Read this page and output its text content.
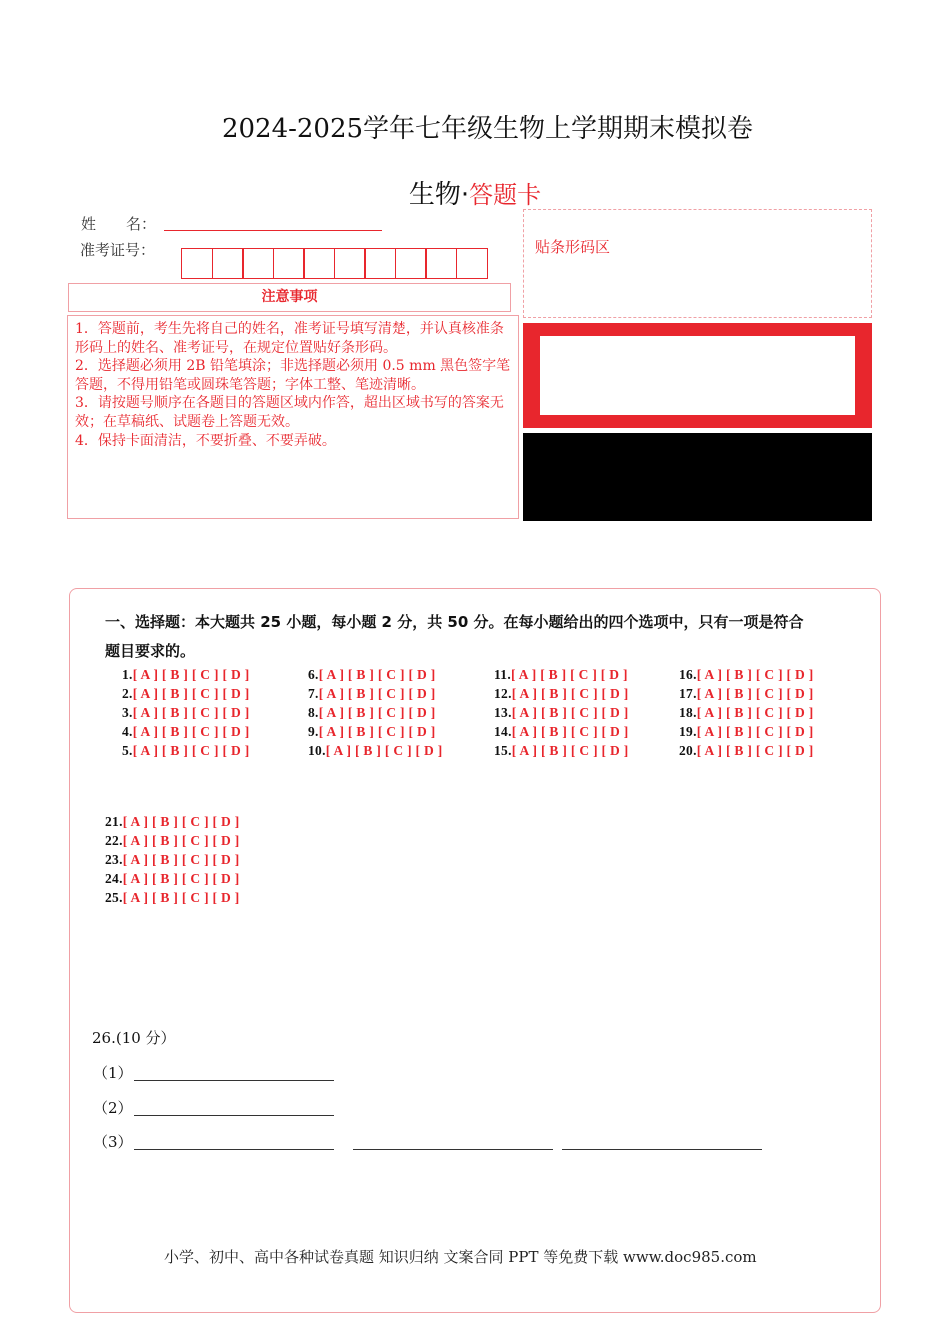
2024-2025学年七年级生物上学期期末模拟卷
生物·答题卡
姓　　名：
准考证号：
注意事项
1．答题前，考生先将自己的姓名，准考证号填写清楚，并认真核准条形码上的姓名、准考证号，在规定位置贴好条形码。
2．选择题必须用 2B 铅笔填涂；非选择题必须用 0.5 mm 黑色签字笔答题，不得用铅笔或圆珠笔答题；字体工整、笔迹清晰。
3．请按题号顺序在各题目的答题区域内作答，超出区域书写的答案无效；在草稿纸、试题卷上答题无效。
4．保持卡面清洁，不要折叠、不要弄破。
贴条形码区
一、选择题：本大题共 25 小题，每小题 2 分，共 50 分。在每小题给出的四个选项中，只有一项是符合
题目要求的。
1.[ A ] [ B ] [ C ] [ D ]
2.[ A ] [ B ] [ C ] [ D ]
3.[ A ] [ B ] [ C ] [ D ]
4.[ A ] [ B ] [ C ] [ D ]
5.[ A ] [ B ] [ C ] [ D ]
6.[ A ] [ B ] [ C ] [ D ]
7.[ A ] [ B ] [ C ] [ D ]
8.[ A ] [ B ] [ C ] [ D ]
9.[ A ] [ B ] [ C ] [ D ]
10.[ A ] [ B ] [ C ] [ D ]
11.[ A ] [ B ] [ C ] [ D ]
12.[ A ] [ B ] [ C ] [ D ]
13.[ A ] [ B ] [ C ] [ D ]
14.[ A ] [ B ] [ C ] [ D ]
15.[ A ] [ B ] [ C ] [ D ]
16.[ A ] [ B ] [ C ] [ D ]
17.[ A ] [ B ] [ C ] [ D ]
18.[ A ] [ B ] [ C ] [ D ]
19.[ A ] [ B ] [ C ] [ D ]
20.[ A ] [ B ] [ C ] [ D ]
21.[ A ] [ B ] [ C ] [ D ]
22.[ A ] [ B ] [ C ] [ D ]
23.[ A ] [ B ] [ C ] [ D ]
24.[ A ] [ B ] [ C ] [ D ]
25.[ A ] [ B ] [ C ] [ D ]
26.(10 分）
（1）
（2）
（3）
小学、初中、高中各种试卷真题 知识归纳 文案合同 PPT 等免费下载 www.doc985.com
